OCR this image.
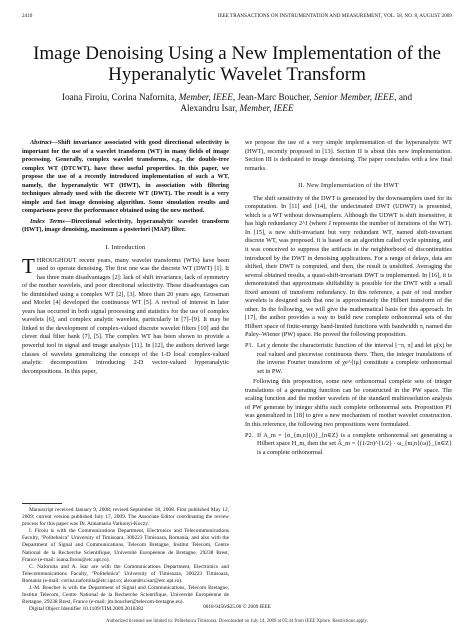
2410	IEEE TRANSACTIONS ON INSTRUMENTATION AND MEASUREMENT, VOL. 58, NO. 8, AUGUST 2009
Image Denoising Using a New Implementation of the Hyperanalytic Wavelet Transform
Ioana Firoiu, Corina Nafornita, Member, IEEE, Jean-Marc Boucher, Senior Member, IEEE, and
Alexandru Isar, Member, IEEE

Abstract—Shift invariance associated with good directional selectivity is important for the use of a wavelet transform (WT) in many fields of image processing. Generally, complex wavelet transforms, e.g., the double-tree complex WT (DTCWT), have these useful properties. In this paper, we propose the use of a recently introduced implementation of such a WT, namely, the hyperanalytic WT (HWT), in association with filtering techniques already used with the discrete WT (DWT). The result is a very simple and fast image denoising algorithm. Some simulation results and comparisons prove the performance obtained using the new method.

Index Terms—Directional selectivity, hyperanalytic wavelet transform (HWT), image denoising, maximum a posteriori (MAP) filter.

I. Introduction

THROUGHOUT recent years, many wavelet transforms (WTs) have been used to operate denoising. The first one was the discrete WT (DWT) [1]. It has three main disadvantages [2]: lack of shift invariance, lack of symmetry of the mother wavelets, and poor directional selectivity. These disadvantages can be diminished using a complex WT [2], [3]. More than 20 years ago, Grossman and Morlet [4] developed the continuous WT [5]. A revival of interest in later years has occurred in both signal processing and statistics for the use of complex wavelets [6], and complex analytic wavelets, particularly in [7]–[9]. It may be linked to the development of complex-valued discrete wavelet filters [10] and the clever dual filter bank [7], [5]. The complex WT has been shown to provide a powerful tool in signal and image analysis [11]. In [12], the authors derived large classes of wavelets generalizing the concept of the 1-D local complex-valued analytic decomposition introducing 2-D vector-valued hyperanalytic decompositions. In this paper,

Manuscript received January 9, 2008; revised September 18, 2008. First published May 12, 2009; current version published July 17, 2009. The Associate Editor coordinating the review process for this paper was Dr. Annamaria Varkonyi-Koczy.

I. Firoiu is with the Communications Department, Electronics and Telecommunications Faculty, "Politehnica" University of Timisoara, 300223 Timisoara, Romania, and also with the Department of Signal and Communications, Telecom Bretagne, Institut Telecom, Centre National de la Recherche Scientifique, Université Européenne de Bretagne, 29238 Brest, France (e-mail: ioana.firoiu@etc.upt.ro).

C. Nafornita and A. Isar are with the Communications Department, Electronics and Telecommunications Faculty, "Politehnica" University of Timisoara, 300223 Timisoara, Romania (e-mail: corina.nafornita@etc.upt.ro; alexandru.isar@etc.upt.ro).

J.-M. Boucher is with the Department of Signal and Communications, Telecom Bretagne, Institut Telecom, Centre National de la Recherche Scientifique, Université Européenne de Bretagne, 29238 Brest, France (e-mail: jm.boucher@telecom-bretagne.eu).

Digital Object Identifier 10.1109/TIM.2009.2016382

we propose the use of a very simple implementation of the hyperanalytic WT (HWT), recently proposed in [13]. Section II is about this new implementation. Section III is dedicated to image denoising. The paper concludes with a few final remarks.

II. New Implementation of the HWT

The shift sensitivity of the DWT is generated by the downsamplers used for its computation. In [11] and [14], the undecimated DWT (UDWT) is presented, which is a WT without downsamplers. Although the UDWT is shift insensitive, it has high redundancy 2^J (where J represents the number of iterations of the WT). In [15], a new shift-invariant but very redundant WT, named shift-invariant discrete WT, was proposed. It is based on an algorithm called cycle spinning, and it was conceived to suppress the artifacts in the neighborhood of discontinuities introduced by the DWT in denoising applications. For a range of delays, data are shifted, their DWT is computed, and then, the result is unshifted. Averaging the several obtained results, a quasi-shift-invariant DWT is implemented. In [16], it is demonstrated that approximate shiftability is possible for the DWT with a small fixed amount of transform redundancy. In this reference, a pair of real mother wavelets is designed such that one is approximately the Hilbert transform of the other. In the following, we will give the mathematical basis for this approach. In [17], the author provides a way to build new complete orthonormal sets of the Hilbert space of finite-energy band-limited functions with bandwidth π, named the Paley–Wiener (PW) space. He proved the following proposition.

P1. Let χ denote the characteristic function of the interval [−π, π] and let μ(x) be real valued and piecewise continuous there. Then, the integer translations of the inverse Fourier transform of χe^{iμ} constitute a complete orthonormal set in PW.

Following this proposition, some new orthonormal complete sets of integer translations of a generating function can be constructed in the PW space. The scaling function and the mother wavelets of the standard multiresolution analysis of PW generate by integer shifts such complete orthonormal sets. Proposition P1 was generalized in [18] to give a new mechanism of mother wavelet construction. In this reference, the following two propositions were formulated.

P2. If A_m = {α_{m,n}(t)}_{n∈Z} is a complete orthonormal set generating a Hilbert space H_m, then the set Â_m = {(1/2π)^{1/2} · ω_{m,n}(ω)}_{n∈Z} is a complete orthonormal
0018-9456/$25.00 © 2009 IEEE
Authorized licensed use limited to: Politehnica Timisoara. Downloaded on July 14, 2009 at 05:44 from IEEE Xplore. Restrictions apply.
